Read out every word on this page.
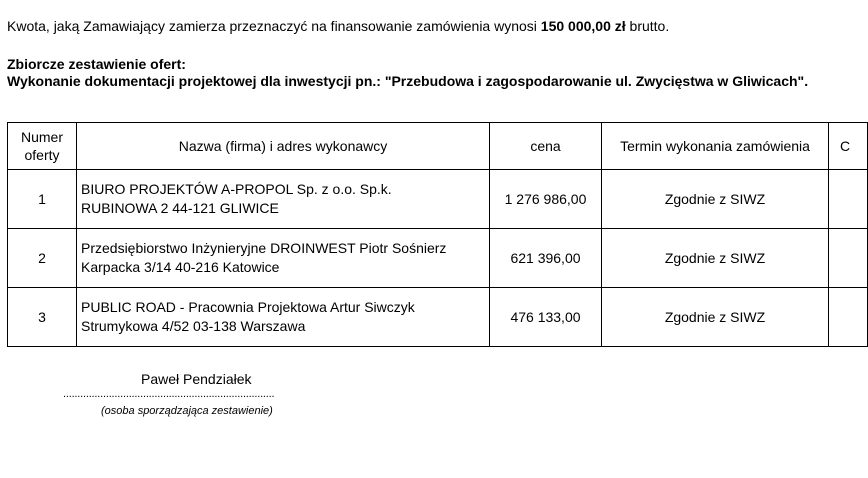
Kwota, jaką Zamawiający zamierza przeznaczyć na finansowanie zamówienia wynosi 150 000,00 zł brutto.
Zbiorcze zestawienie ofert:
Wykonanie dokumentacji projektowej dla inwestycji pn.: "Przebudowa i zagospodarowanie ul. Zwycięstwa w Gliwicach".
Numer
oferty	Nazwa (firma) i adres wykonawcy	cena	Termin wykonania zamówienia	C
1	BIURO PROJEKTÓW A-PROPOL Sp. z o.o. Sp.k.
RUBINOWA 2 44-121 GLIWICE	1 276 986,00	Zgodnie z SIWZ	
2	Przedsiębiorstwo Inżynieryjne DROINWEST Piotr Sośnierz
Karpacka 3/14 40-216 Katowice	621 396,00	Zgodnie z SIWZ	
3	PUBLIC ROAD - Pracownia Projektowa Artur Siwczyk
Strumykowa 4/52 03-138 Warszawa	476 133,00	Zgodnie z SIWZ	
Paweł Pendziałek
..........................................................................
(osoba sporządzająca zestawienie)
